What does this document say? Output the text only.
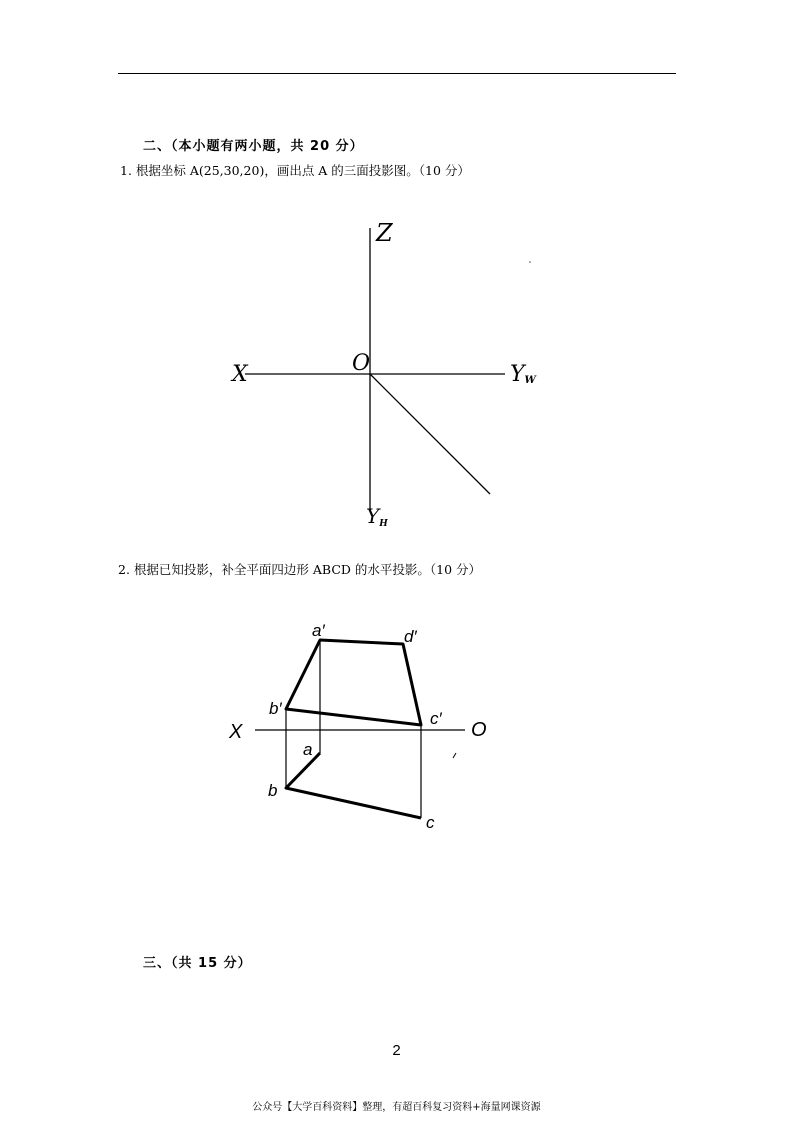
二、（本小题有两小题，共 20 分）
1. 根据坐标 A(25,30,20)，画出点 A 的三面投影图。（10 分）
Z
X	O	YW
YH
2. 根据已知投影，补全平面四边形 ABCD 的水平投影。（10 分）
a′	d′
b′
c′
X	O
a
b
c
三、（共 15 分）
2
公众号【大学百科资料】整理，有超百科复习资料+海量网课资源
